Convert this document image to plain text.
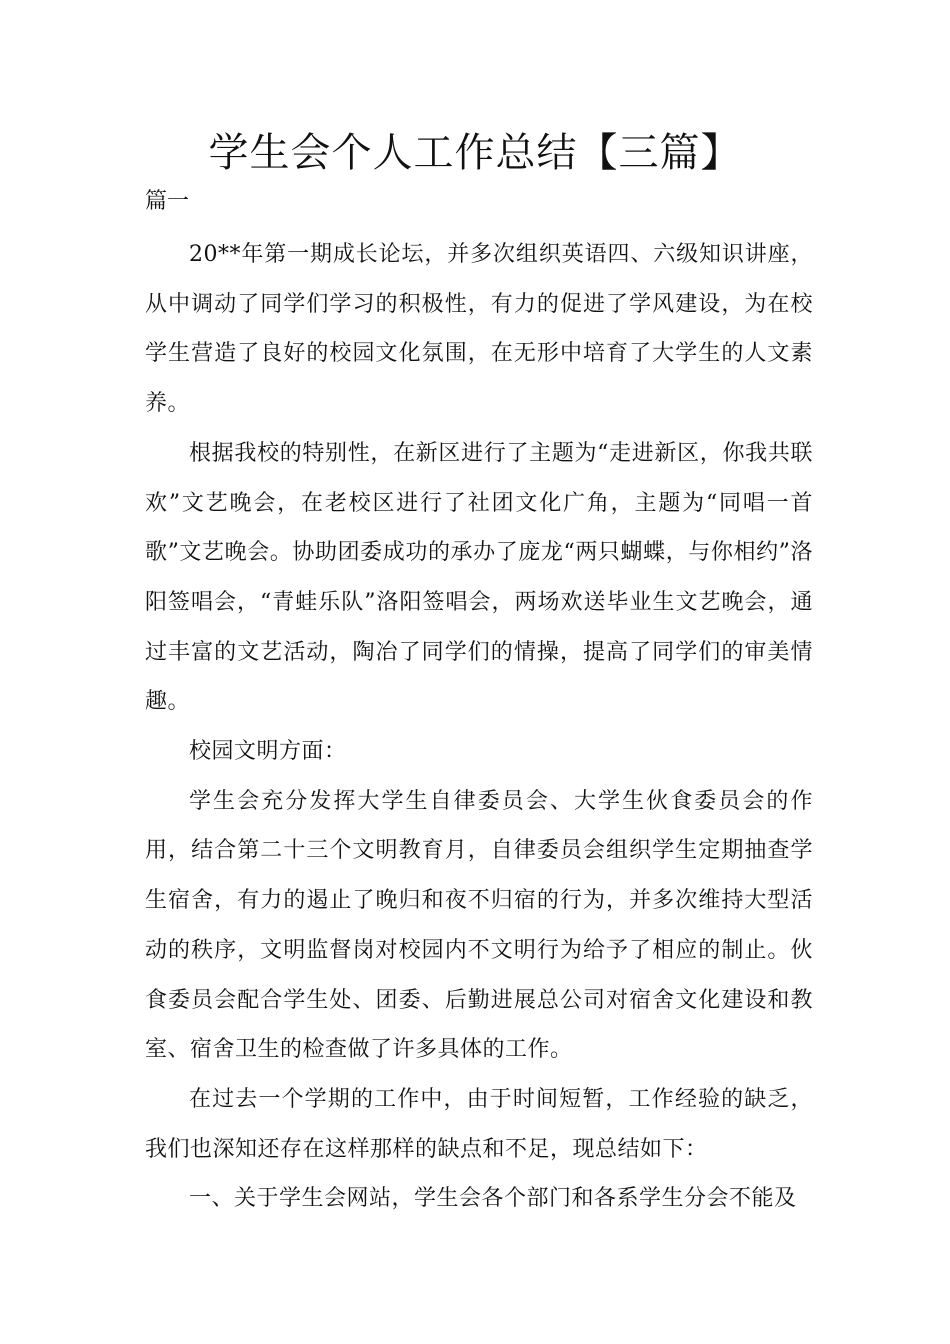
学生会个人工作总结【三篇】

篇一

20**年第一期成长论坛，并多次组织英语四、六级知识讲座，从中调动了同学们学习的积极性，有力的促进了学风建设，为在校学生营造了良好的校园文化氛围，在无形中培育了大学生的人文素养。

根据我校的特别性，在新区进行了主题为“走进新区，你我共联欢”文艺晚会，在老校区进行了社团文化广角，主题为“同唱一首歌”文艺晚会。协助团委成功的承办了庞龙“两只蝴蝶，与你相约”洛阳签唱会，“青蛙乐队”洛阳签唱会，两场欢送毕业生文艺晚会，通过丰富的文艺活动，陶冶了同学们的情操，提高了同学们的审美情趣。

校园文明方面：

学生会充分发挥大学生自律委员会、大学生伙食委员会的作用，结合第二十三个文明教育月，自律委员会组织学生定期抽查学生宿舍，有力的遏止了晚归和夜不归宿的行为，并多次维持大型活动的秩序，文明监督岗对校园内不文明行为给予了相应的制止。伙食委员会配合学生处、团委、后勤进展总公司对宿舍文化建设和教室、宿舍卫生的检查做了许多具体的工作。

在过去一个学期的工作中，由于时间短暂，工作经验的缺乏，我们也深知还存在这样那样的缺点和不足，现总结如下：

一、关于学生会网站，学生会各个部门和各系学生分会不能及
